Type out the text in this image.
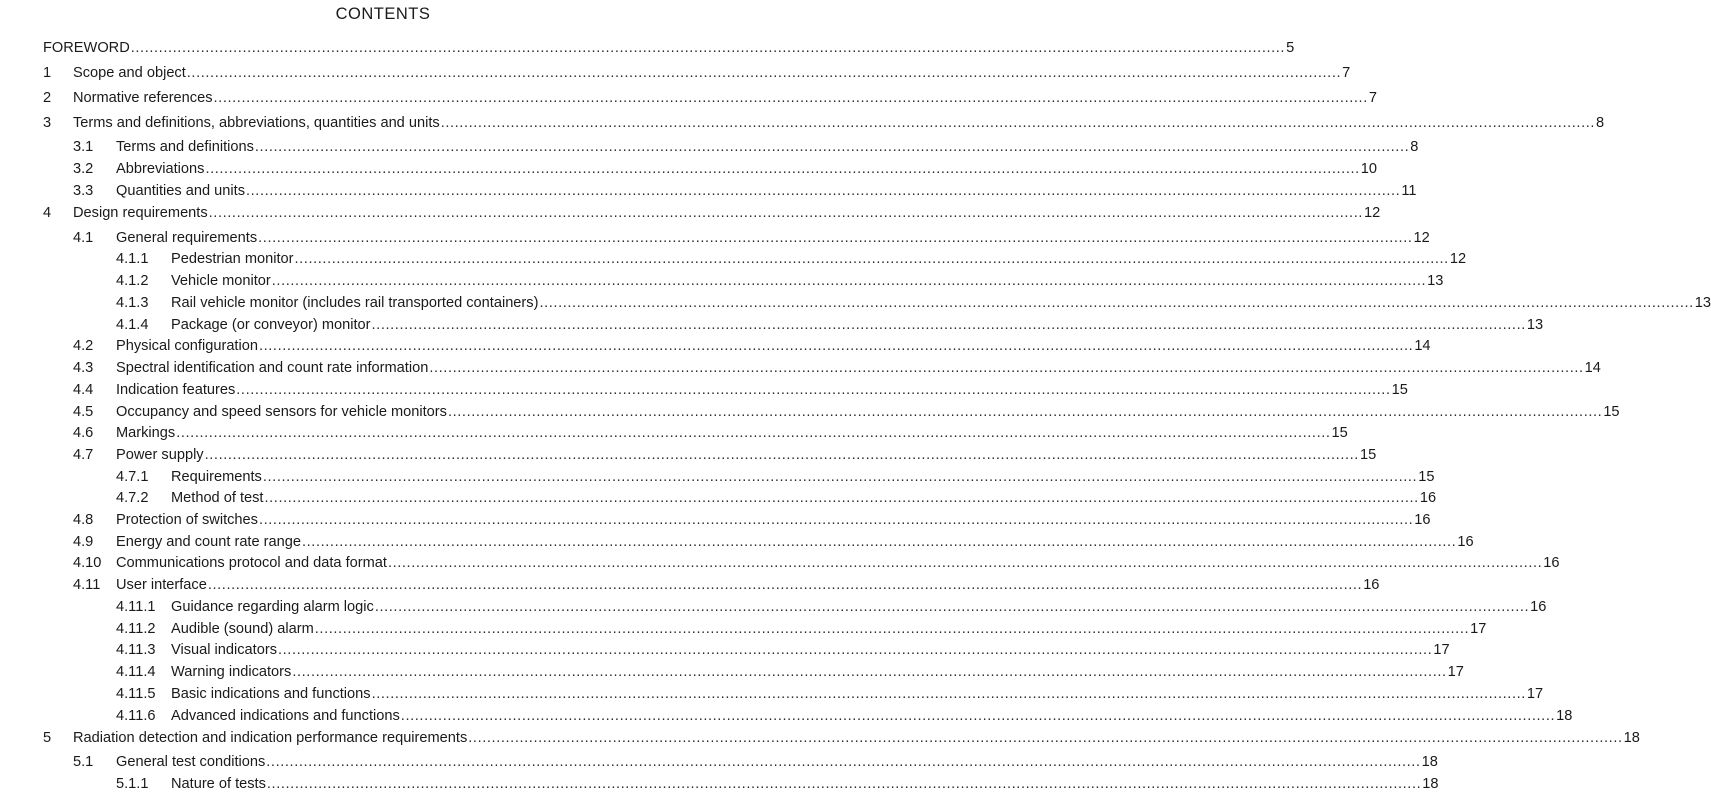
CONTENTS
FOREWORD ........................................................................................................................................................................................................................................................ 5
1 Scope and object ........................................................................................................................................................................................................................................................ 7
2 Normative references ........................................................................................................................................................................................................................................................ 7
3 Terms and definitions, abbreviations, quantities and units ........................................................................................................................................................................................................................................................ 8
3.1 Terms and definitions ........................................................................................................................................................................................................................................................ 8
3.2 Abbreviations ........................................................................................................................................................................................................................................................ 10
3.3 Quantities and units ........................................................................................................................................................................................................................................................ 11
4 Design requirements ........................................................................................................................................................................................................................................................ 12
4.1 General requirements ........................................................................................................................................................................................................................................................ 12
4.1.1 Pedestrian monitor ........................................................................................................................................................................................................................................................ 12
4.1.2 Vehicle monitor ........................................................................................................................................................................................................................................................ 13
4.1.3 Rail vehicle monitor (includes rail transported containers) ........................................................................................................................................................................................................................................................ 13
4.1.4 Package (or conveyor) monitor ........................................................................................................................................................................................................................................................ 13
4.2 Physical configuration ........................................................................................................................................................................................................................................................ 14
4.3 Spectral identification and count rate information ........................................................................................................................................................................................................................................................ 14
4.4 Indication features ........................................................................................................................................................................................................................................................ 15
4.5 Occupancy and speed sensors for vehicle monitors ........................................................................................................................................................................................................................................................ 15
4.6 Markings ........................................................................................................................................................................................................................................................ 15
4.7 Power supply ........................................................................................................................................................................................................................................................ 15
4.7.1 Requirements ........................................................................................................................................................................................................................................................ 15
4.7.2 Method of test ........................................................................................................................................................................................................................................................ 16
4.8 Protection of switches ........................................................................................................................................................................................................................................................ 16
4.9 Energy and count rate range ........................................................................................................................................................................................................................................................ 16
4.10 Communications protocol and data format ........................................................................................................................................................................................................................................................ 16
4.11 User interface ........................................................................................................................................................................................................................................................ 16
4.11.1 Guidance regarding alarm logic ........................................................................................................................................................................................................................................................ 16
4.11.2 Audible (sound) alarm ........................................................................................................................................................................................................................................................ 17
4.11.3 Visual indicators ........................................................................................................................................................................................................................................................ 17
4.11.4 Warning indicators ........................................................................................................................................................................................................................................................ 17
4.11.5 Basic indications and functions ........................................................................................................................................................................................................................................................ 17
4.11.6 Advanced indications and functions ........................................................................................................................................................................................................................................................ 18
5 Radiation detection and indication performance requirements ........................................................................................................................................................................................................................................................ 18
5.1 General test conditions ........................................................................................................................................................................................................................................................ 18
5.1.1 Nature of tests ........................................................................................................................................................................................................................................................ 18
